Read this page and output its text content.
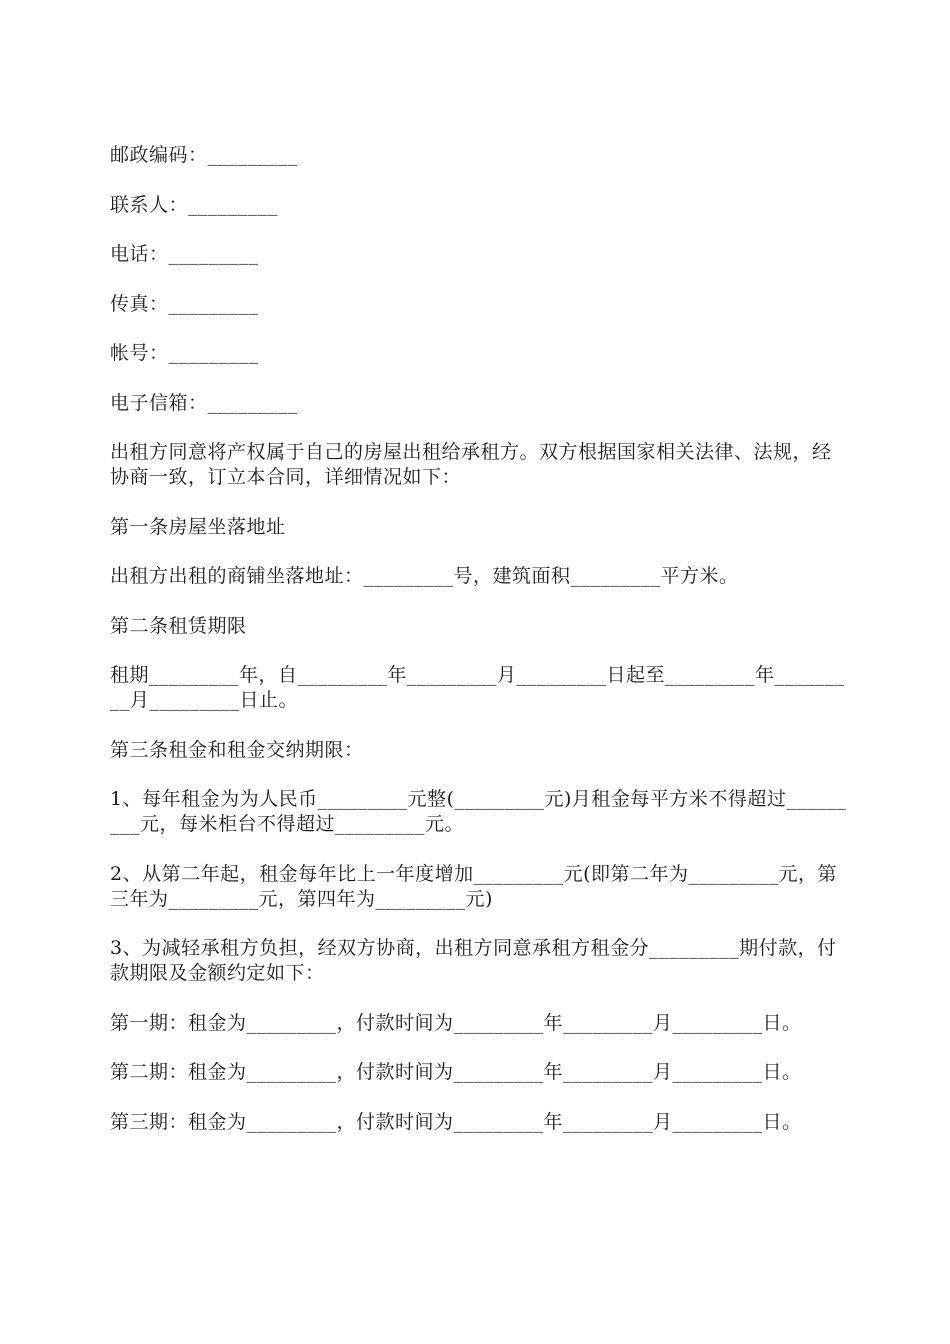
邮政编码：_________

联系人：_________

电话：_________

传真：_________

帐号：_________

电子信箱：_________

出租方同意将产权属于自己的房屋出租给承租方。双方根据国家相关法律、法规，经协商一致，订立本合同，详细情况如下：

第一条房屋坐落地址

出租方出租的商铺坐落地址：_________号，建筑面积_________平方米。

第二条租赁期限

租期_________年，自_________年_________月_________日起至_________年_________月_________日止。

第三条租金和租金交纳期限：

1、每年租金为为人民币_________元整(_________元)月租金每平方米不得超过_________元，每米柜台不得超过_________元。

2、从第二年起，租金每年比上一年度增加_________元(即第二年为_________元，第三年为_________元，第四年为_________元)

3、为减轻承租方负担，经双方协商，出租方同意承租方租金分_________期付款，付款期限及金额约定如下：

第一期：租金为_________，付款时间为_________年_________月_________日。

第二期：租金为_________，付款时间为_________年_________月_________日。

第三期：租金为_________，付款时间为_________年_________月_________日。
